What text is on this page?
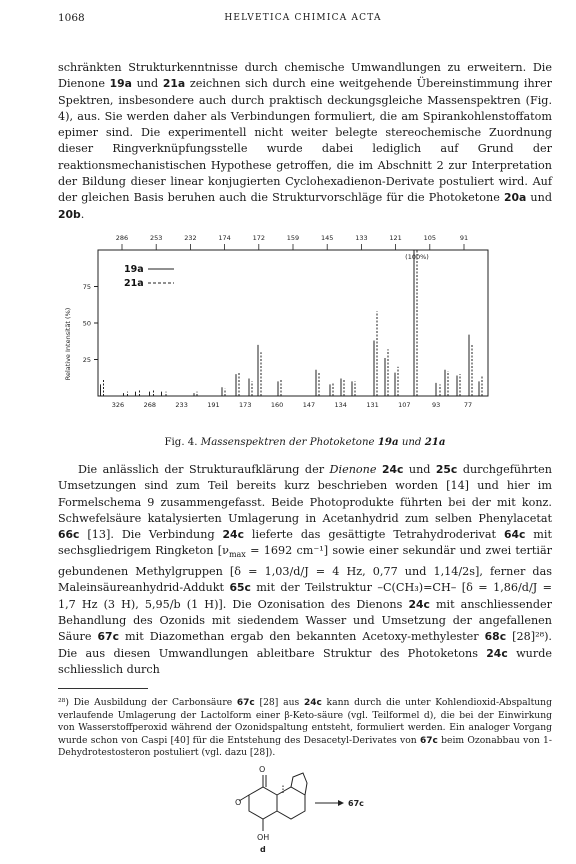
1068	HELVETICA CHIMICA ACTA

schränkten Strukturkenntnisse durch chemische Umwandlungen zu erweitern. Die Dienone 19a und 21a zeichnen sich durch eine weitgehende Übereinstimmung ihrer Spektren, insbesondere auch durch praktisch deckungsgleiche Massenspektren (Fig. 4), aus. Sie werden daher als Verbindungen formuliert, die am Spirankohlenstoffatom epimer sind. Die experimentell nicht weiter belegte stereochemische Zuordnung dieser Ringverknüpfungsstelle wurde dabei lediglich auf Grund der reaktionsmechanistischen Hypothese getroffen, die im Abschnitt 2 zur Interpretation der Bildung dieser linear konjugierten Cyclohexadienon-Derivate postuliert wird. Auf der gleichen Basis beruhen auch die Strukturvorschläge für die Photoketone 20a und 20b.

286	253	232	174	172	159	145	133	121	105	91
25
50
75
326	268	233	191	173	160	147	134	131	107	93	77
Relative Intensität (%)
(100%)
19a
21a
Fig. 4. Massenspektren der Photoketone 19a und 21a

Die anlässlich der Strukturaufklärung der Dienone 24c und 25c durchgeführten Umsetzungen sind zum Teil bereits kurz beschrieben worden [14] und hier im Formelschema 9 zusammengefasst. Beide Photoprodukte führten bei der mit konz. Schwefelsäure katalysierten Umlagerung in Acetanhydrid zum selben Phenylacetat 66c [13]. Die Verbindung 24c lieferte das gesättigte Tetrahydroderivat 64c mit sechsgliedrigem Ringketon [$\nu_{max} = 1692$ cm⁻¹] sowie einer sekundär und zwei tertiär gebundenen Methylgruppen [δ = 1,03/d/J = 4 Hz, 0,77 und 1,14/2s], ferner das Maleinsäureanhydrid-Addukt 65c mit der Teilstruktur –C(CH₃)=CH– [δ = 1,86/d/J = 1,7 Hz (3 H), 5,95/b (1 H)]. Die Ozonisation des Dienons 24c mit anschliessender Behandlung des Ozonids mit siedendem Wasser und Umsetzung der angefallenen Säure 67c mit Diazomethan ergab den bekannten Acetoxy-methylester 68c [28]²⁸). Die aus diesen Umwandlungen ableitbare Struktur des Photoketons 24c wurde schliesslich durch

²⁸) Die Ausbildung der Carbonsäure 67c [28] aus 24c kann durch die unter Kohlendioxid-Abspaltung verlaufende Umlagerung der Lactolform einer β-Keto-säure (vgl. Teilformel d), die bei der Einwirkung von Wasserstoffperoxid während der Ozonidspaltung entsteht, formuliert werden. Ein analoger Vorgang wurde schon von Caspi [40] für die Entstehung des Desacetyl-Derivates von 67c beim Ozonabbau von 1-Dehydrotestosteron postuliert (vgl. dazu [28]).

O
O
OH
67c
d
